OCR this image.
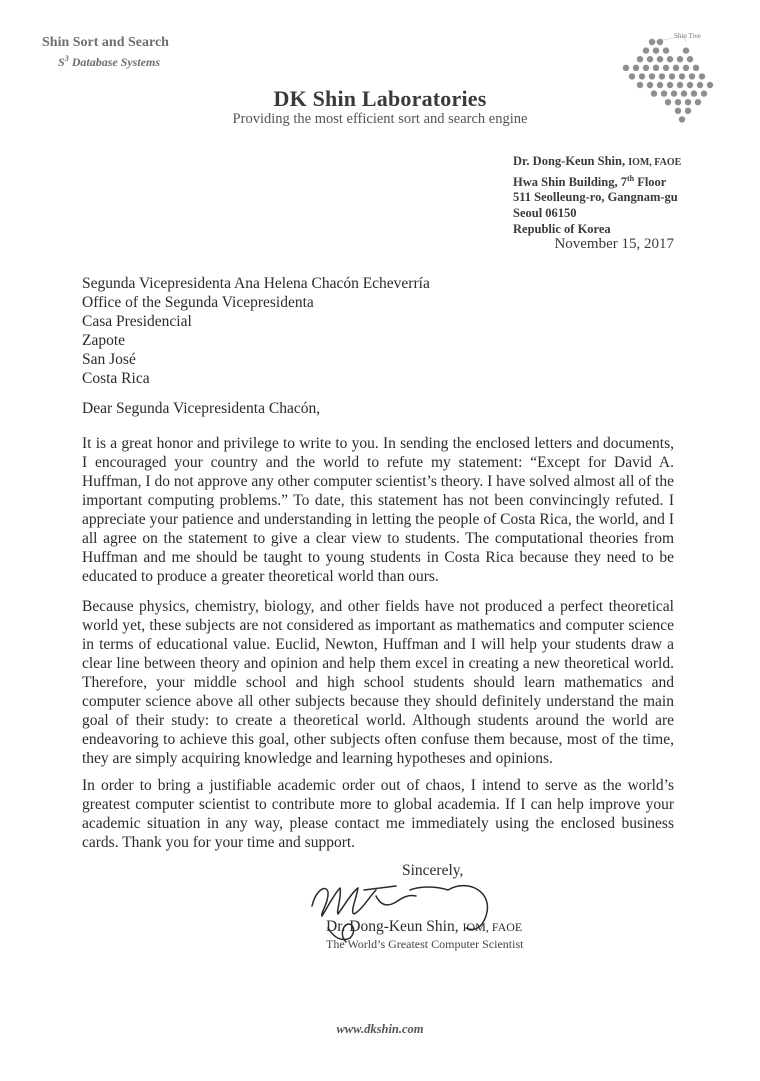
Shin Sort and Search
$S^3$ Database Systems
Shin Tree
DK Shin Laboratories
Providing the most efficient sort and search engine
Dr. Dong-Keun Shin, IOM, FAOE
Hwa Shin Building, 7th Floor
511 Seolleung-ro, Gangnam-gu
Seoul 06150
Republic of Korea
November 15, 2017
Segunda Vicepresidenta Ana Helena Chacón Echeverría
Office of the Segunda Vicepresidenta
Casa Presidencial
Zapote
San José
Costa Rica
Dear Segunda Vicepresidenta Chacón,
It is a great honor and privilege to write to you. In sending the enclosed letters and documents, I encouraged your country and the world to refute my statement: “Except for David A. Huffman, I do not approve any other computer scientist’s theory. I have solved almost all of the important computing problems.” To date, this statement has not been convincingly refuted. I appreciate your patience and understanding in letting the people of Costa Rica, the world, and I all agree on the statement to give a clear view to students. The computational theories from Huffman and me should be taught to young students in Costa Rica because they need to be educated to produce a greater theoretical world than ours.
Because physics, chemistry, biology, and other fields have not produced a perfect theoretical world yet, these subjects are not considered as important as mathematics and computer science in terms of educational value. Euclid, Newton, Huffman and I will help your students draw a clear line between theory and opinion and help them excel in creating a new theoretical world. Therefore, your middle school and high school students should learn mathematics and computer science above all other subjects because they should definitely understand the main goal of their study: to create a theoretical world. Although students around the world are endeavoring to achieve this goal, other subjects often confuse them because, most of the time, they are simply acquiring knowledge and learning hypotheses and opinions.
In order to bring a justifiable academic order out of chaos, I intend to serve as the world’s greatest computer scientist to contribute more to global academia. If I can help improve your academic situation in any way, please contact me immediately using the enclosed business cards. Thank you for your time and support.
Sincerely,
Dr. Dong-Keun Shin, IOM, FAOE
The World’s Greatest Computer Scientist
www.dkshin.com
